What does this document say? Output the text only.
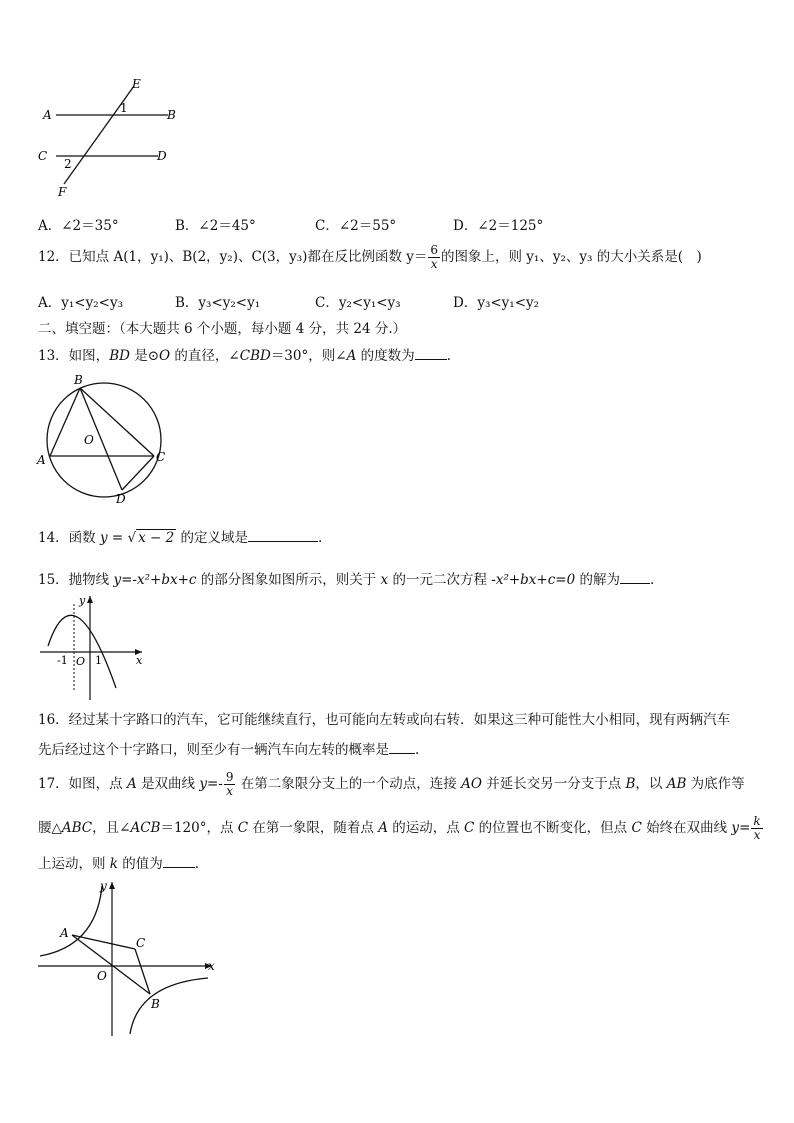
E
A	B
1
C	D
2
F
A．∠2＝35°	B．∠2＝45°	C．∠2＝55°	D．∠2＝125°
12．已知点 A(1，y₁)、B(2，y₂)、C(3，y₃)都在反比例函数 $y= \frac{6}{x}$ 的图象上，则 y₁、y₂、y₃ 的大小关系是(　)
A．y₁<y₂<y₃	B．y₃<y₂<y₁	C．y₂<y₁<y₃	D．y₃<y₁<y₂
二、填空题：（本大题共 6 个小题，每小题 4 分，共 24 分.）
13．如图，BD 是⊙O 的直径，∠CBD＝30°，则∠A 的度数为 .
B
O
A	C
D
14．函数 y = √ x − 2 的定义域是	.
15．抛物线 y=-x²+bx+c 的部分图象如图所示，则关于 x 的一元二次方程 -x²+bx+c=0 的解为 .
y
x
-1 O 1
16．经过某十字路口的汽车，它可能继续直行，也可能向左转或向右转．如果这三种可能性大小相同，现有两辆汽车
先后经过这个十字路口，则至少有一辆汽车向左转的概率是 .
17．如图，点 A 是双曲线 $y=- \frac{9}{x}$ 在第二象限分支上的一个动点，连接 AO 并延长交另一分支于点 B，以 AB 为底作等
腰△ABC，且∠ACB＝120°，点 C 在第一象限，随着点 A 的运动，点 C 的位置也不断变化，但点 C 始终在双曲线 $y= \frac{k}{x}$
上运动，则 k 的值为 .
y
A
C
O
x
B
